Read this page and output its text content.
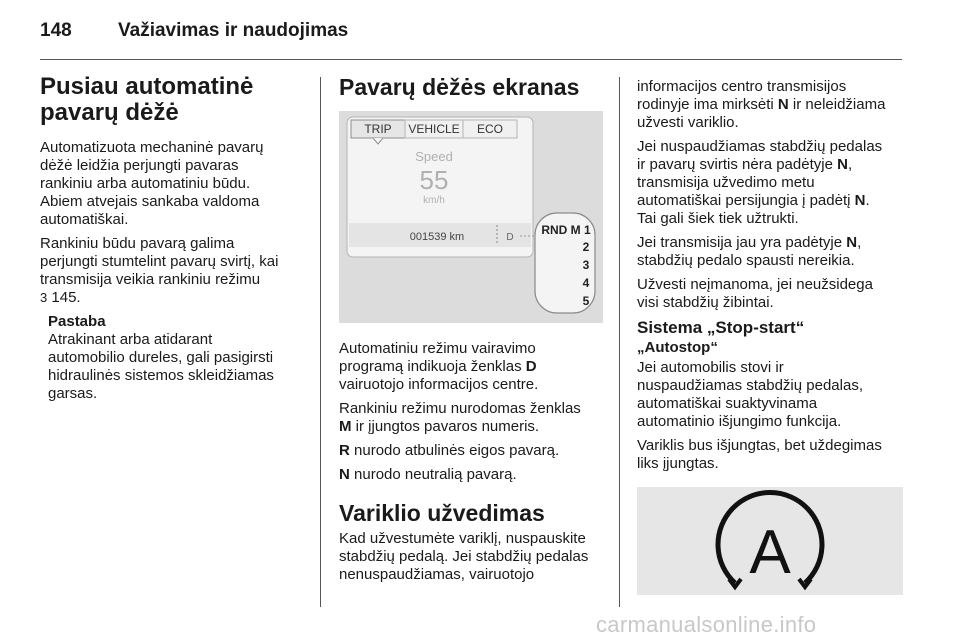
148 Važiavimas ir naudojimas
Pusiau automatinė
pavarų dėžė

Automatizuota mechaninė pavarų
dėžė leidžia perjungti pavaras
rankiniu arba automatiniu būdu.
Abiem atvejais sankaba valdoma
automatiškai.

Rankiniu būdu pavarą galima
perjungti stumtelint pavarų svirtį, kai
transmisija veikia rankiniu režimu
3 145.

Pastaba

Atrakinant arba atidarant
automobilio dureles, gali pasigirsti
hidraulinės sistemos skleidžiamas
garsas.

Pavarų dėžės ekranas
TRIP VEHICLE ECO
Speed
55
km/h
001539 km	D
RND M 1
2
3
4
5

Automatiniu režimu vairavimo
programą indikuoja ženklas D
vairuotojo informacijos centre.

Rankiniu režimu nurodomas ženklas
M ir įjungtos pavaros numeris.

R nurodo atbulinės eigos pavarą.

N nurodo neutralią pavarą.

Variklio užvedimas

Kad užvestumėte variklį, nuspauskite
stabdžių pedalą. Jei stabdžių pedalas
nenuspaudžiamas, vairuotojo

informacijos centro transmisijos
rodinyje ima mirksėti N ir neleidžiama
užvesti variklio.

Jei nuspaudžiamas stabdžių pedalas
ir pavarų svirtis nėra padėtyje N,
transmisija užvedimo metu
automatiškai persijungia į padėtį N.
Tai gali šiek tiek užtrukti.

Jei transmisija jau yra padėtyje N,
stabdžių pedalo spausti nereikia.

Užvesti neįmanoma, jei neužsidega
visi stabdžių žibintai.

Sistema „Stop-start“
„Autostop“

Jei automobilis stovi ir
nuspaudžiamas stabdžių pedalas,
automatiškai suaktyvinama
automatinio išjungimo funkcija.

Variklis bus išjungtas, bet uždegimas
liks įjungtas.

A
carmanualsonline.info
